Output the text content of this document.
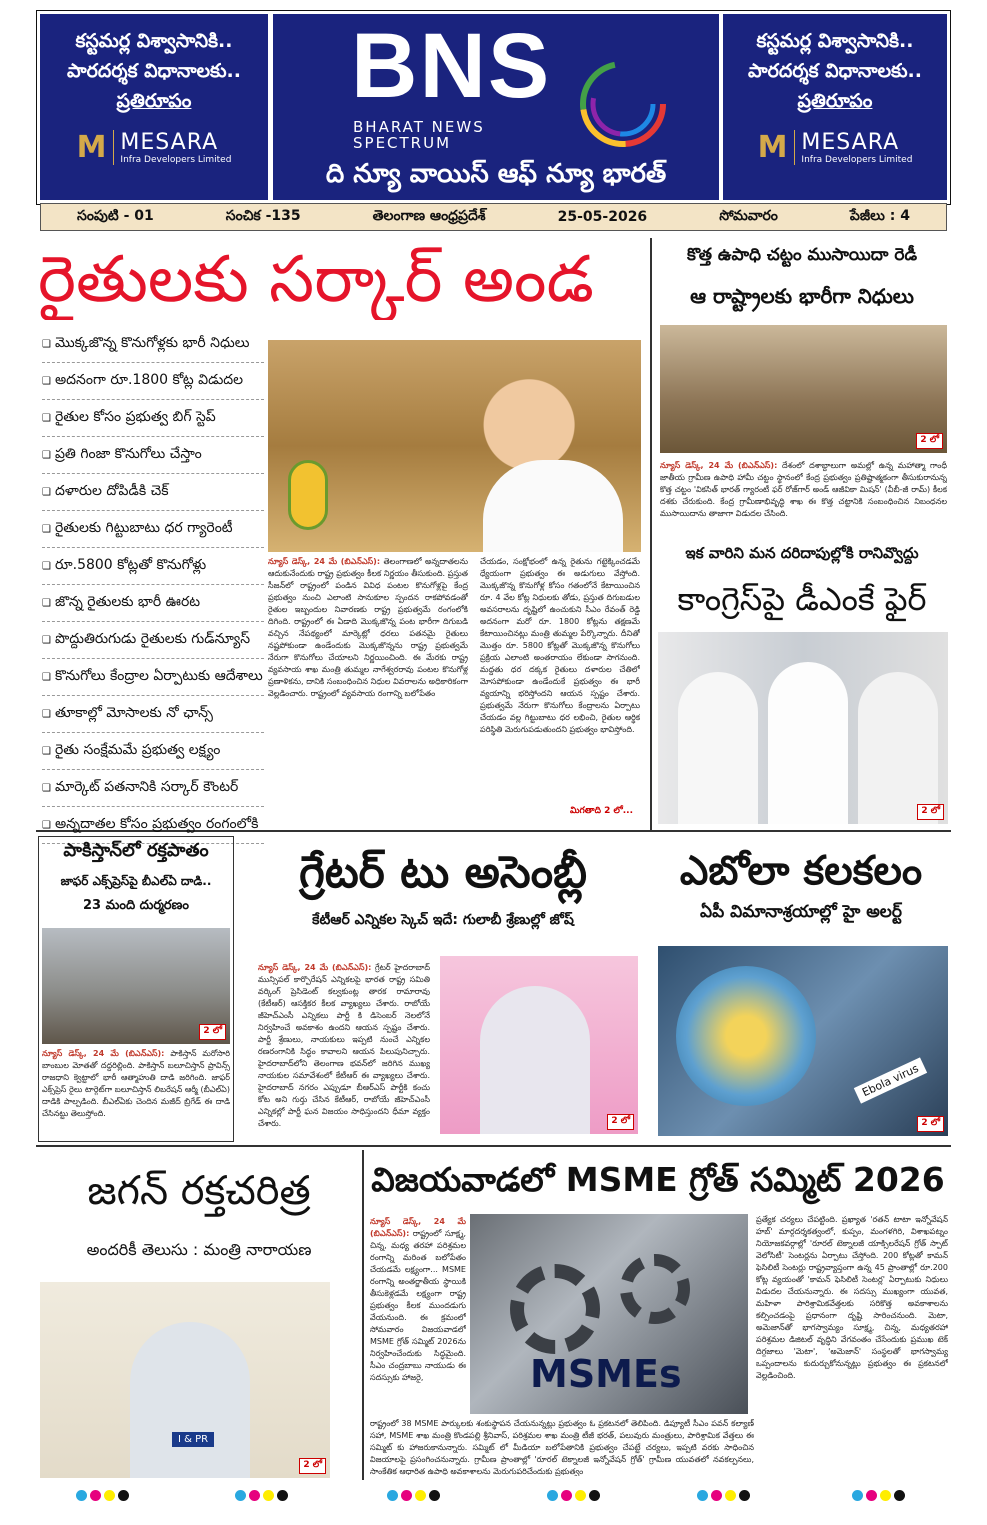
కస్టమర్ల విశ్వాసానికి..
పారదర్శక విధానాలకు..
ప్రతిరూపం
M MESARA
Infra Developers Limited
BNS
BHARAT NEWS
SPECTRUM
ది న్యూ వాయిస్ ఆఫ్ న్యూ భారత్
కస్టమర్ల విశ్వాసానికి..
పారదర్శక విధానాలకు..
ప్రతిరూపం
M MESARA
Infra Developers Limited
సంపుటి - 01	సంచిక -135	తెలంగాణ ఆంధ్రప్రదేశ్	25-05-2026	సోమవారం	పేజీలు : 4
రైతులకు సర్కార్ అండ
❑ మొక్కజొన్న కొనుగోళ్లకు భారీ నిధులు
❑ అదనంగా రూ.1800 కోట్ల విడుదల
❑ రైతుల కోసం ప్రభుత్వ బిగ్ స్టెప్
❑ ప్రతి గింజా కొనుగోలు చేస్తాం
❑ దళారుల దోపిడీకి చెక్
❑ రైతులకు గిట్టుబాటు ధర గ్యారెంటీ
❑ రూ.5800 కోట్లతో కొనుగోళ్లు
❑ జొన్న రైతులకు భారీ ఊరట
❑ పొద్దుతిరుగుడు రైతులకు గుడ్‌న్యూస్
❑ కొనుగోలు కేంద్రాల ఏర్పాటుకు ఆదేశాలు
❑ తూకాల్లో మోసాలకు నో ఛాన్స్
❑ రైతు సంక్షేమమే ప్రభుత్వ లక్ష్యం
❑ మార్కెట్ పతనానికి సర్కార్ కౌంటర్
❑ అన్నదాతల కోసం ప్రభుత్వం రంగంలోకి
న్యూస్ డెస్క్, 24 మే (బిఎన్ఎస్): తెలంగాణలో అన్నదాతలను ఆదుకునేందుకు రాష్ట్ర ప్రభుత్వం కీలక నిర్ణయం తీసుకుంది. ప్రస్తుత సీజన్‌లో రాష్ట్రంలో పండిన వివిధ పంటల కొనుగోళ్లపై కేంద్ర ప్రభుత్వం నుంచి ఎలాంటి సానుకూల స్పందన రాకపోవడంతో రైతుల ఇబ్బందుల నివారణకు రాష్ట్ర ప్రభుత్వమే రంగంలోకి దిగింది. రాష్ట్రంలో ఈ ఏడాది మొక్కజొన్న పంట భారీగా దిగుబడి వచ్చిన నేపథ్యంలో మార్కెట్లో ధరలు పతనమై రైతులు నష్టపోకుండా ఉండేందుకు మొక్కజొన్నను రాష్ట్ర ప్రభుత్వమే నేరుగా కొనుగోలు చేయాలని నిర్ణయించింది. ఈ మేరకు రాష్ట్ర వ్యవసాయ శాఖ మంత్రి తుమ్మల నాగేశ్వరరావు పంటల కొనుగోళ్ల ప్రణాళికను, దానికి సంబంధించిన నిధుల వివరాలను అధికారికంగా వెల్లడించారు. రాష్ట్రంలో వ్యవసాయ రంగాన్ని బలోపేతం
చేయడం, సంక్షోభంలో ఉన్న రైతును గట్టెక్కించడమే ధ్యేయంగా ప్రభుత్వం ఈ అడుగులు వేస్తోంది. మొక్కజొన్న కొనుగోళ్ల కోసం గతంలోనే కేటాయించిన రూ. 4 వేల కోట్ల నిధులకు తోడు, ప్రస్తుత దిగుబడుల అవసరాలను దృష్టిలో ఉంచుకుని సీఎం రేవంత్ రెడ్డి అదనంగా మరో రూ. 1800 కోట్లను తక్షణమే కేటాయించినట్లు మంత్రి తుమ్మల పేర్కొన్నారు. దీనితో మొత్తం రూ. 5800 కోట్లతో మొక్కజొన్న కొనుగోలు ప్రక్రియ ఎలాంటి అంతరాయం లేకుండా సాగనుంది. మద్దతు ధర దక్కక రైతులు దళారుల చేతిలో మోసపోకుండా ఉండేందుకే ప్రభుత్వం ఈ భారీ వ్యయాన్ని భరిస్తోందని ఆయన స్పష్టం చేశారు. ప్రభుత్వమే నేరుగా కొనుగోలు కేంద్రాలను ఏర్పాటు చేయడం వల్ల గిట్టుబాటు ధర లభించి, రైతుల ఆర్థిక పరిస్థితి మెరుగుపడుతుందని ప్రభుత్వం భావిస్తోంది.
మిగతాది 2 లో...
కొత్త ఉపాధి చట్టం ముసాయిదా రెడీ
ఆ రాష్ట్రాలకు భారీగా నిధులు
2 లో
న్యూస్ డెస్క్, 24 మే (బిఎన్ఎస్): దేశంలో దశాబ్దాలుగా అమల్లో ఉన్న మహాత్మా గాంధీ జాతీయ గ్రామీణ ఉపాధి హామీ చట్టం స్థానంలో కేంద్ర ప్రభుత్వం ప్రతిష్టాత్మకంగా తీసుకురానున్న కొత్త చట్టం 'వికసిత్ భారత్ గ్యారంటీ ఫర్ రోజ్‌గార్ అండ్ ఆజీవికా మిషన్' (వీబీ-జీ రామ్) కీలక దశకు చేరుకుంది. కేంద్ర గ్రామీణాభివృద్ధి శాఖ ఈ కొత్త చట్టానికి సంబంధించిన నిబంధనల ముసాయిదాను తాజాగా విడుదల చేసింది.
ఇక వారిని మన దరిదాపుల్లోకి రానివ్వొద్దు
కాంగ్రెస్‌పై డీఎంకే ఫైర్
2 లో
పాకిస్తాన్‌లో రక్తపాతం
జాఫర్ ఎక్స్‌ప్రెస్‌పై బీఎల్ఏ దాడి..
23 మంది దుర్మరణం
2 లో
న్యూస్ డెస్క్, 24 మే (బిఎన్ఎస్): పాకిస్తాన్ మరోసారి బాంబుల మోతతో దద్దరిల్లింది. పాకిస్తాన్ బలూచిస్తాన్ ప్రావిన్స్ రాజధాని క్వెట్టాలో భారీ ఆత్మాహుతి దాడి జరిగింది. జాఫర్ ఎక్స్‌ప్రెస్ రైలు టార్గెట్‌గా బలూచిస్తాన్ లిబరేషన్ ఆర్మీ (బీఎల్ఏ) దాడికి పాల్పడింది. బీఎల్ఏకు చెందిన మజీద్ బ్రిగేడ్ ఈ దాడి చేసినట్టు తెలుస్తోంది.
గ్రేటర్ టు అసెంబ్లీ
కేటీఆర్ ఎన్నికల స్కెచ్ ఇదే: గులాబీ శ్రేణుల్లో జోష్
న్యూస్ డెస్క్, 24 మే (బిఎన్ఎస్): గ్రేటర్ హైదరాబాద్ మున్సిపల్ కార్పొరేషన్ ఎన్నికలపై భారత రాష్ట్ర సమితి వర్కింగ్ ప్రెసిడెంట్ కల్వకుంట్ల తారక రామారావు (కేటీఆర్) ఆసక్తికర కీలక వ్యాఖ్యలు చేశారు. రాబోయే జీహెచ్ఎంసీ ఎన్నికలు పార్టీ కి డిసెంబర్ నెలలోనే నిర్వహించే అవకాశం ఉందని ఆయన స్పష్టం చేశారు. పార్టీ శ్రేణులు, నాయకులు ఇప్పటి నుంచే ఎన్నికల రణరంగానికి సిద్ధం కావాలని ఆయన పిలుపునిచ్చారు. హైదరాబాద్‌లోని తెలంగాణ భవన్‌లో జరిగిన ముఖ్య నాయకుల సమావేశంలో కేటీఆర్ ఈ వ్యాఖ్యలు చేశారు. హైదరాబాద్ నగరం ఎప్పుడూ బీఆర్ఎస్ పార్టీకి కంచు కోట అని గుర్తు చేసిన కేటీఆర్, రాబోయే జీహెచ్ఎంసీ ఎన్నికల్లో పార్టీ ఘన విజయం సాధిస్తుందని ధీమా వ్యక్తం చేశారు.	2 లో
ఎబోలా కలకలం
ఏపీ విమానాశ్రయాల్లో హై అలర్ట్
Ebola virus
2 లో
జగన్ రక్తచరిత్ర
అందరికీ తెలుసు : మంత్రి నారాయణ
I & PR
2 లో
విజయవాడలో MSME గ్రోత్ సమ్మిట్ 2026
న్యూస్ డెస్క్, 24 మే (బిఎన్ఎస్): రాష్ట్రంలో సూక్ష్మ, చిన్న, మధ్య తరహా పరిశ్రమల రంగాన్ని మరింత బలోపేతం చేయడమే లక్ష్యంగా... MSME రంగాన్ని అంతర్జాతీయ స్థాయికి తీసుకెళ్లడమే లక్ష్యంగా రాష్ట్ర ప్రభుత్వం కీలక ముందడుగు వేయనుంది. ఈ క్రమంలో సోమవారం విజయవాడలో MSME గ్రోత్ సమ్మిట్ 2026ను నిర్వహించేందుకు సిద్ధమైంది. సీఎం చంద్రబాబు నాయుడు ఈ సదస్సుకు హాజరై,	MSMEs
రాష్ట్రంలో 38 MSME పార్కులకు శంకుస్థాపన చేయనున్నట్లు ప్రభుత్వం ఓ ప్రకటనలో తెలిపింది. డిప్యూటీ సీఎం పవన్ కల్యాణ్ సహా, MSME శాఖ మంత్రి కొండపల్లి శ్రీనివాస్, పరిశ్రమల శాఖ మంత్రి టీజీ భరత్, పలువురు మంత్రులు, పారిశ్రామిక వేత్తలు ఈ సమ్మిట్ కు హాజరుకానున్నారు. సమ్మిట్ లో మీడియా బలోపేతానికి ప్రభుత్వం చేపట్టే చర్యలు, ఇప్పటి వరకు సాధించిన విజయాలపై ప్రసంగించనున్నారు. గ్రామీణ ప్రాంతాల్లో 'రూరల్ టెక్నాలజీ ఇన్నోవేషన్ గ్రోత్' గ్రామీణ యువతలో నవకల్పనలు, సాంకేతిక ఆధారిత ఉపాధి అవకాశాలను మెరుగుపరిచేందుకు ప్రభుత్వం
ప్రత్యేక చర్యలు చేపట్టింది. ప్రఖ్యాత 'రతన్ టాటా ఇన్నోవేషన్ హబ్' మార్గదర్శకత్వంలో, కుప్పం, మంగళగిరి, విశాఖపట్నం నియోజకవర్గాల్లో 'రూరల్ టెక్నాలజీ యాక్సిలరేషన్ గ్రోత్ స్పాట్ వెలోసిటీ' సెంటర్లను ఏర్పాటు చేస్తోంది. 200 కోట్లతో కామన్ ఫెసిలిటీ సెంటర్లు రాష్ట్రవ్యాప్తంగా ఉన్న 45 ప్రాంతాల్లో రూ.200 కోట్ల వ్యయంతో 'కామన్ ఫెసిలిటీ సెంటర్ల' ఏర్పాటుకు నిధులు విడుదల చేయనున్నారు. ఈ సదస్సు ముఖ్యంగా యువత, మహిళా పారిశ్రామికవేత్తలకు సరికొత్త అవకాశాలను కల్పించడంపై ప్రధానంగా దృష్టి సారించనుంది. మెటా, అమెజాన్‌తో భాగస్వామ్యం సూక్ష్మ, చిన్న, మధ్యతరహా పరిశ్రమల డిజిటల్ వృద్ధిని వేగవంతం చేసేందుకు ప్రముఖ టెక్ దిగ్గజాలు 'మెటా', 'అమెజాన్' సంస్థలతో భాగస్వామ్య ఒప్పందాలను కుదుర్చుకోనున్నట్లు ప్రభుత్వం ఈ ప్రకటనలో వెల్లడించింది.
